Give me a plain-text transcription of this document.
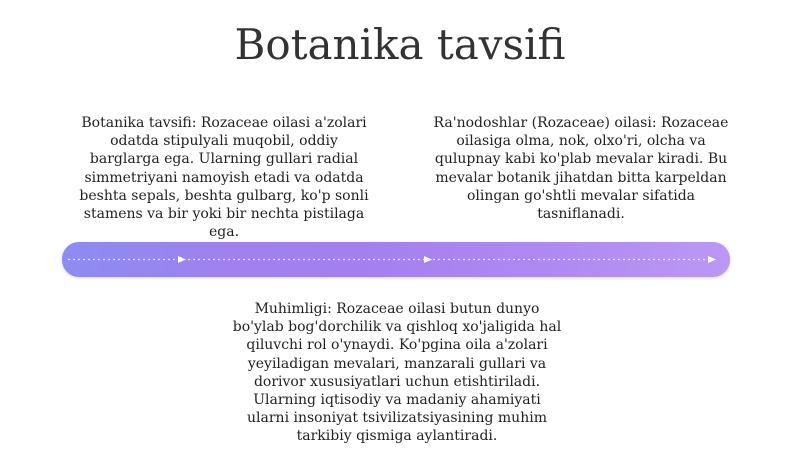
Botanika tavsifi
Botanika tavsifi: Rozaceae oilasi a'zolari odatda stipulyali muqobil, oddiy barglarga ega. Ularning gullari radial simmetriyani namoyish etadi va odatda beshta sepals, beshta gulbarg, ko'p sonli stamens va bir yoki bir nechta pistilaga ega.
Ra'nodoshlar (Rozaceae) oilasi: Rozaceae oilasiga olma, nok, olxo'ri, olcha va qulupnay kabi ko'plab mevalar kiradi. Bu mevalar botanik jihatdan bitta karpeldan olingan go'shtli mevalar sifatida tasniflanadi.
Muhimligi: Rozaceae oilasi butun dunyo bo'ylab bog'dorchilik va qishloq xo'jaligida hal qiluvchi rol o'ynaydi. Ko'pgina oila a'zolari yeyiladigan mevalari, manzarali gullari va dorivor xususiyatlari uchun etishtiriladi. Ularning iqtisodiy va madaniy ahamiyati ularni insoniyat tsivilizatsiyasining muhim tarkibiy qismiga aylantiradi.
